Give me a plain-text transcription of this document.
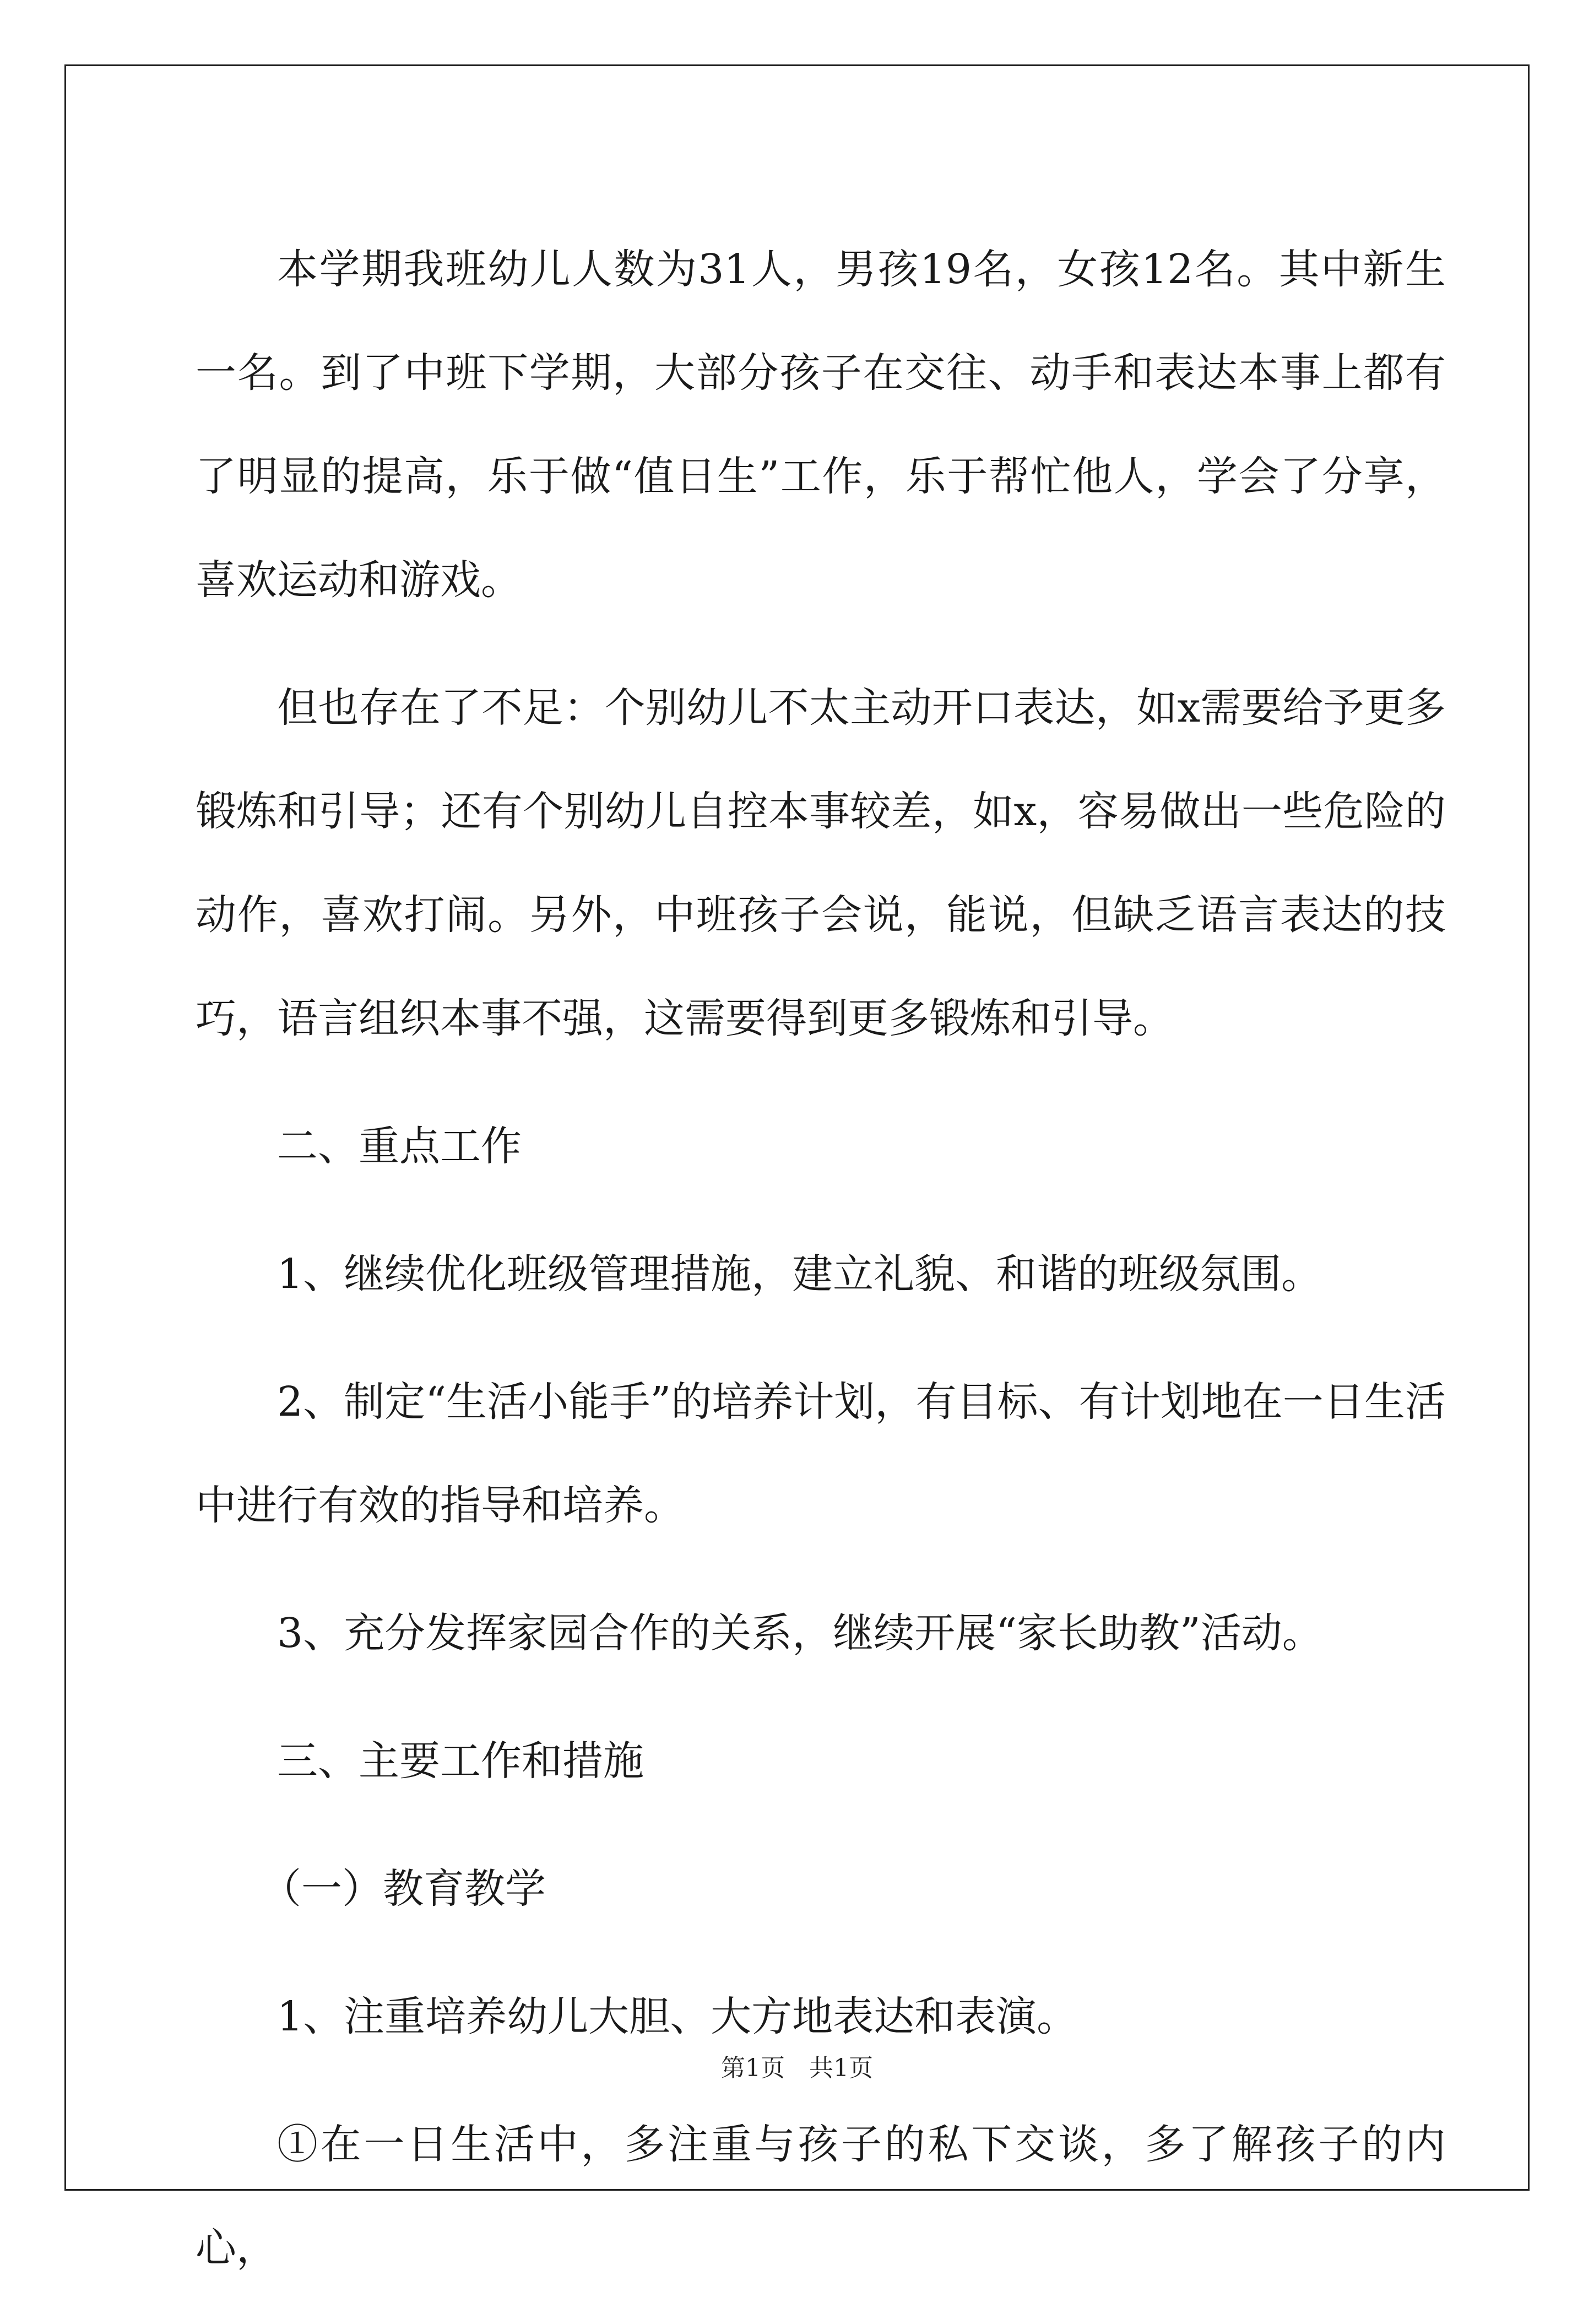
本学期我班幼儿人数为31人，男孩19名，女孩12名。其中新生一名。到了中班下学期，大部分孩子在交往、动手和表达本事上都有了明显的提高，乐于做“值日生”工作，乐于帮忙他人，学会了分享，喜欢运动和游戏。

但也存在了不足：个别幼儿不太主动开口表达，如x需要给予更多锻炼和引导；还有个别幼儿自控本事较差，如x，容易做出一些危险的动作，喜欢打闹。另外，中班孩子会说，能说，但缺乏语言表达的技巧，语言组织本事不强，这需要得到更多锻炼和引导。

二、重点工作

1、继续优化班级管理措施，建立礼貌、和谐的班级氛围。

2、制定“生活小能手”的培养计划，有目标、有计划地在一日生活中进行有效的指导和培养。

3、充分发挥家园合作的关系，继续开展“家长助教”活动。

三、主要工作和措施

（一）教育教学

1、注重培养幼儿大胆、大方地表达和表演。

①在一日生活中，多注重与孩子的私下交谈，多了解孩子的内心，

第1页　共1页
